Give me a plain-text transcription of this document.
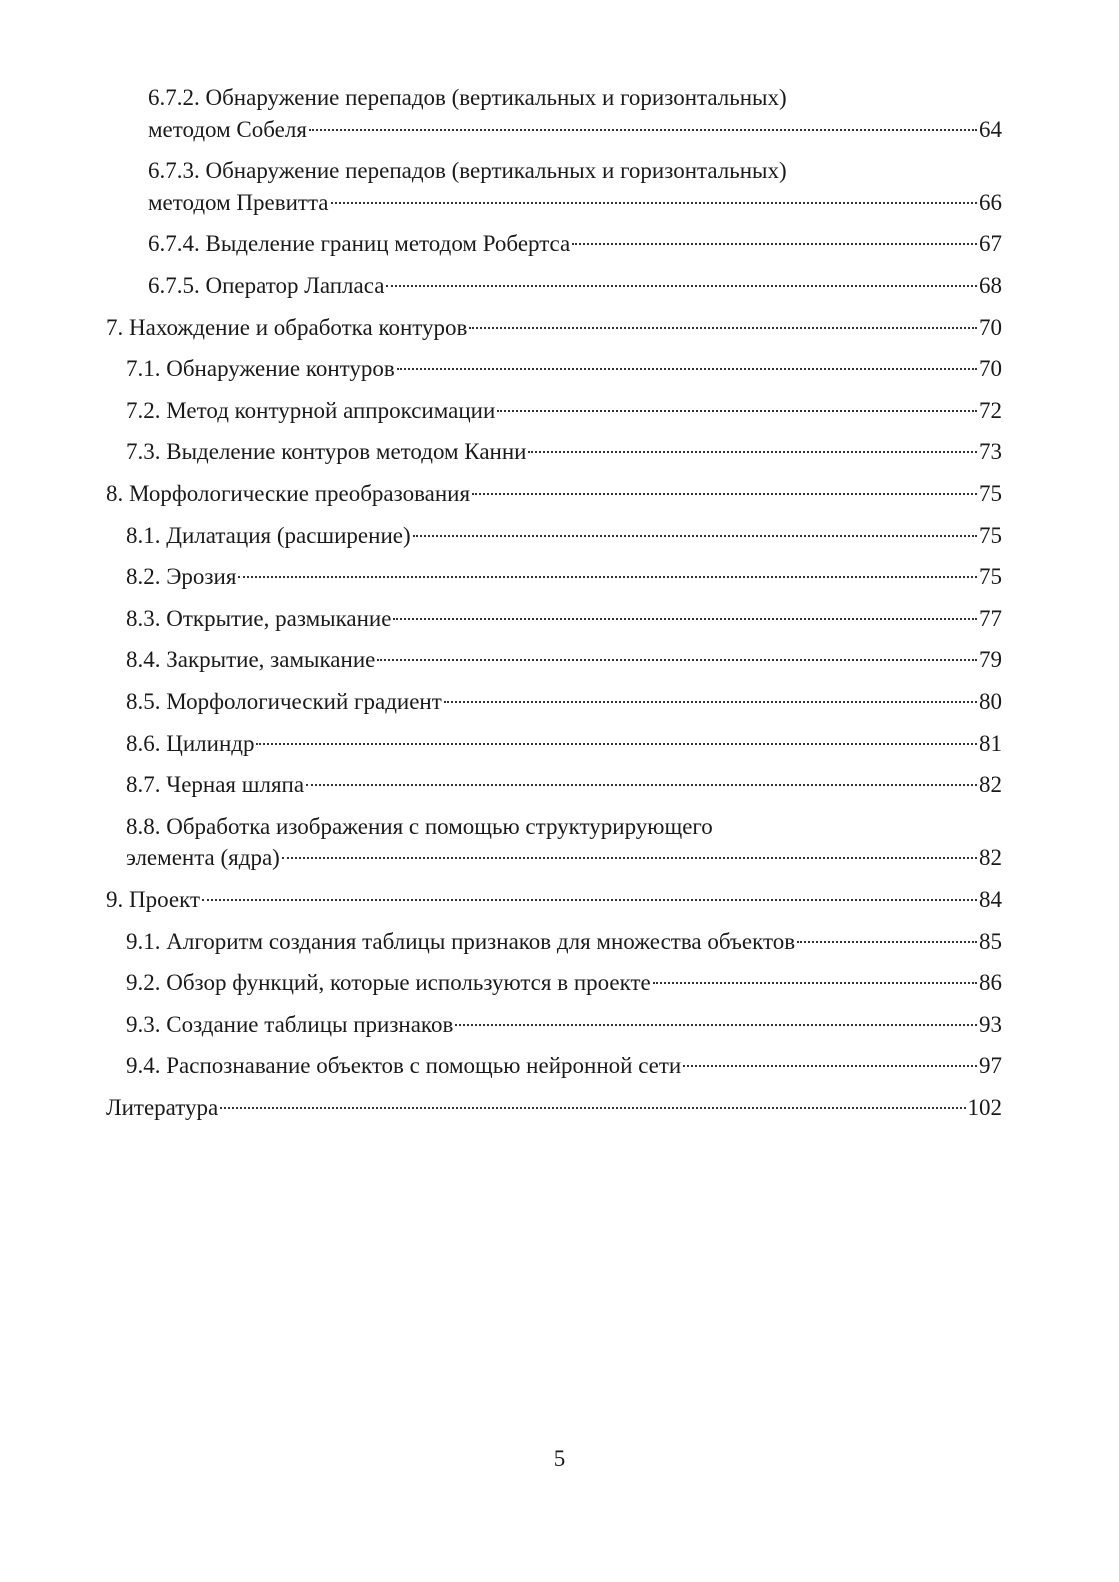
6.7.2. Обнаружение перепадов (вертикальных и горизонтальных)
методом Собеля	64
6.7.3. Обнаружение перепадов (вертикальных и горизонтальных)
методом Превитта	66
6.7.4. Выделение границ методом Робертса	67
6.7.5. Оператор Лапласа	68
7. Нахождение и обработка контуров	70
7.1. Обнаружение контуров	70
7.2. Метод контурной аппроксимации	72
7.3. Выделение контуров методом Канни	73
8. Морфологические преобразования	75
8.1. Дилатация (расширение)	75
8.2. Эрозия	75
8.3. Открытие, размыкание	77
8.4. Закрытие, замыкание	79
8.5. Морфологический градиент	80
8.6. Цилиндр	81
8.7. Черная шляпа	82
8.8. Обработка изображения с помощью структурирующего
элемента (ядра)	82
9. Проект	84
9.1. Алгоритм создания таблицы признаков для множества объектов	85
9.2. Обзор функций, которые используются в проекте	86
9.3. Создание таблицы признаков	93
9.4. Распознавание объектов с помощью нейронной сети	97
Литература	102
5
